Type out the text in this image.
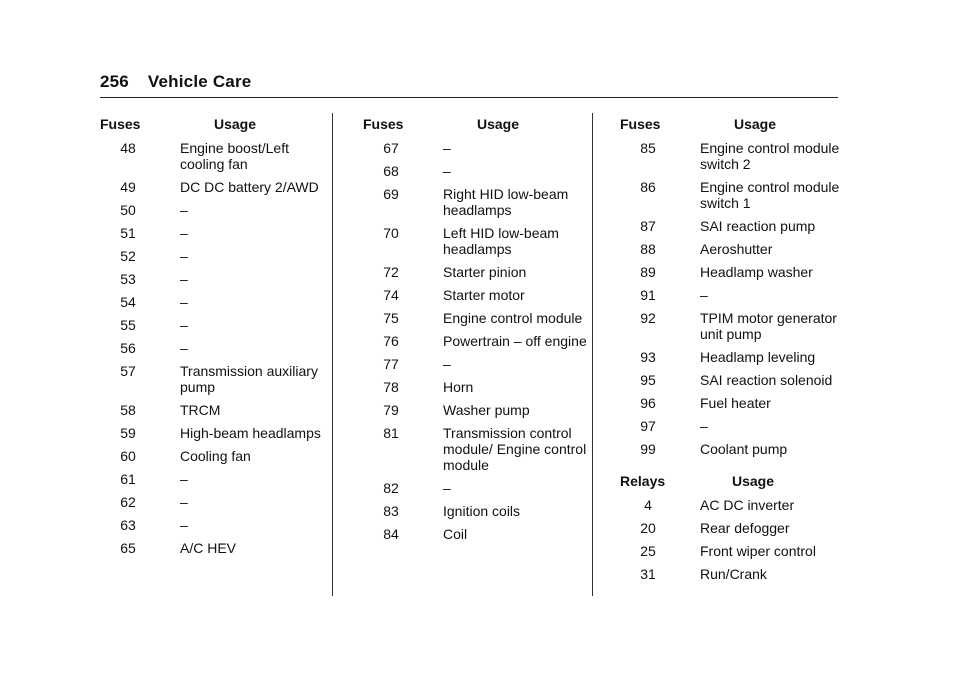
256 Vehicle Care
Fuses	Usage
48	Engine boost/Left cooling fan
49	DC DC battery 2/AWD
50	–
51	–
52	–
53	–
54	–
55	–
56	–
57	Transmission auxiliary pump
58	TRCM
59	High-beam headlamps
60	Cooling fan
61	–
62	–
63	–
65	A/C HEV
Fuses	Usage
67	–
68	–
69	Right HID low-beam headlamps
70	Left HID low-beam headlamps
72	Starter pinion
74	Starter motor
75	Engine control module
76	Powertrain – off engine
77	–
78	Horn
79	Washer pump
81	Transmission control module/ Engine control module
82	–
83	Ignition coils
84	Coil
Fuses	Usage
85	Engine control module switch 2
86	Engine control module switch 1
87	SAI reaction pump
88	Aeroshutter
89	Headlamp washer
91	–
92	TPIM motor generator unit pump
93	Headlamp leveling
95	SAI reaction solenoid
96	Fuel heater
97	–
99	Coolant pump
Relays	Usage
4	AC DC inverter
20	Rear defogger
25	Front wiper control
31	Run/Crank
